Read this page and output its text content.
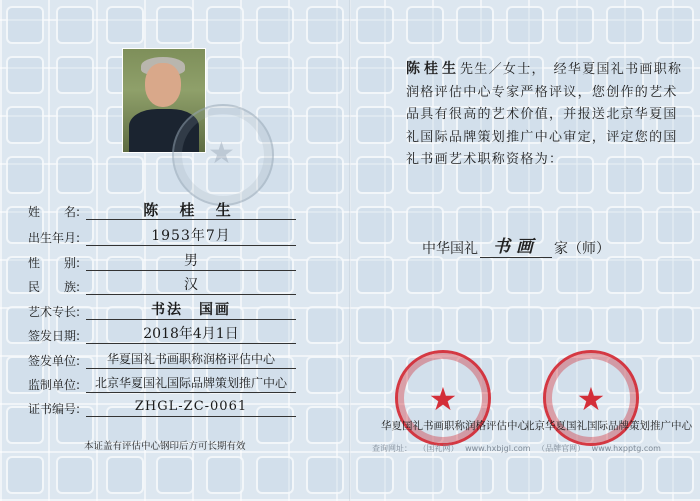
★
姓　　名:	陈 桂 生
出生年月:	1953年7月
性　　别:	男
民　　族:	汉
艺术专长:	书法　国画
签发日期:	2018年4月1日
签发单位:	华夏国礼书画职称润格评估中心
监制单位:	北京华夏国礼国际品牌策划推广中心
证书编号:	ZHGL-ZC-0061
本证盖有评估中心钢印后方可长期有效
陈桂生先生／女士，　经华夏国礼书画职称润格评估中心专家严格评议，您创作的艺术品具有很高的艺术价值，并报送北京华夏国礼国际品牌策划推广中心审定，评定您的国礼书画艺术职称资格为：
中华国礼 书画	家（师）
★	★
华夏国礼书画职称润格评估中心
北京华夏国礼国际品牌策划推广中心
查询网址： （国礼网） www.hxbjgl.com （品牌官网） www.hxpptg.com
